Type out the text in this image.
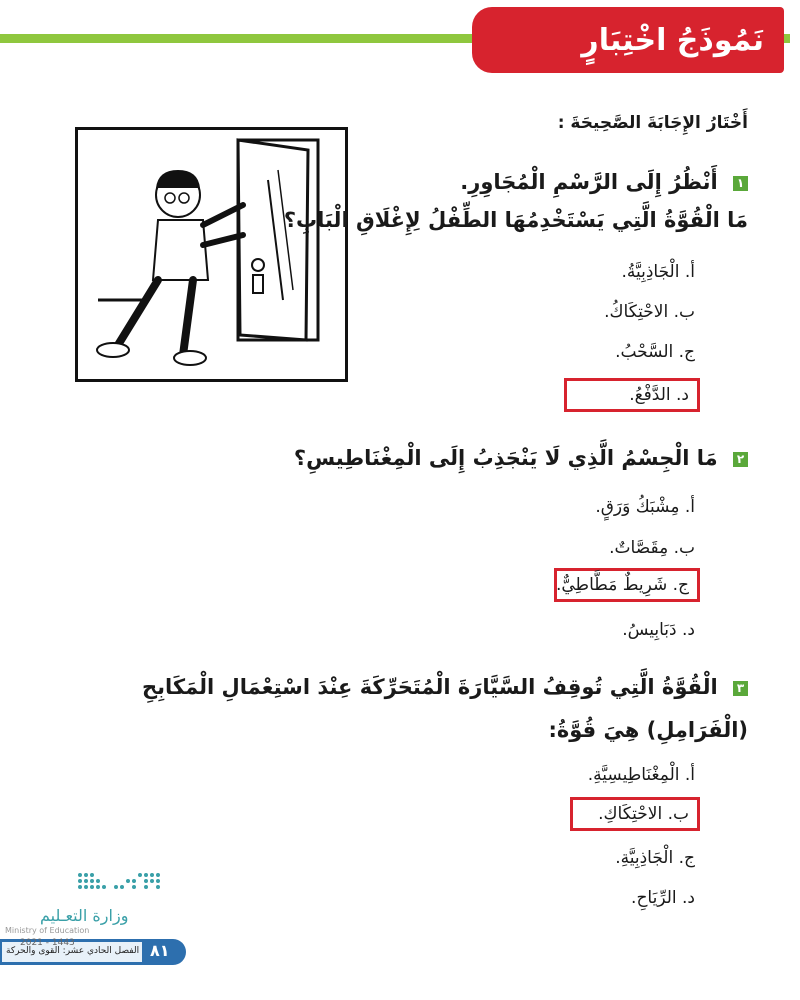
نَمُوذَجُ اخْتِبَارٍ
أَخْتَارُ الإِجَابَةَ الصَّحِيحَةَ :
١ أَنْظُرُ إِلَى الرَّسْمِ الْمُجَاوِرِ.
مَا الْقُوَّةُ الَّتِي يَسْتَخْدِمُهَا الطِّفْلُ لِإِغْلَاقِ الْبَابِ؟
أ. الْجَاذِبِيَّةُ.
ب. الاحْتِكَاكُ.
ج. السَّحْبُ.
د. الدَّفْعُ.
٢ مَا الْجِسْمُ الَّذِي لَا يَنْجَذِبُ إِلَى الْمِغْنَاطِيسِ؟
أ. مِشْبَكُ وَرَقٍ.
ب. مِقَصَّاتٌ.
ج. شَرِيطٌ مَطَّاطِيٌّ.
د. دَبَابِيسُ.
٣ الْقُوَّةُ الَّتِي تُوقِفُ السَّيَّارَةَ الْمُتَحَرِّكَةَ عِنْدَ اسْتِعْمَالِ الْمَكَابِحِ
(الْفَرَامِلِ) هِيَ قُوَّةُ:
أ. الْمِغْنَاطِيسِيَّةِ.
ب. الاحْتِكَاكِ.
ج. الْجَاذِبِيَّةِ.
د. الرِّيَاحِ.
وزارة التعـليم
Ministry of Education
الفصل الحادي عشر: القوى والحركة
2021 - 1443	٨١
